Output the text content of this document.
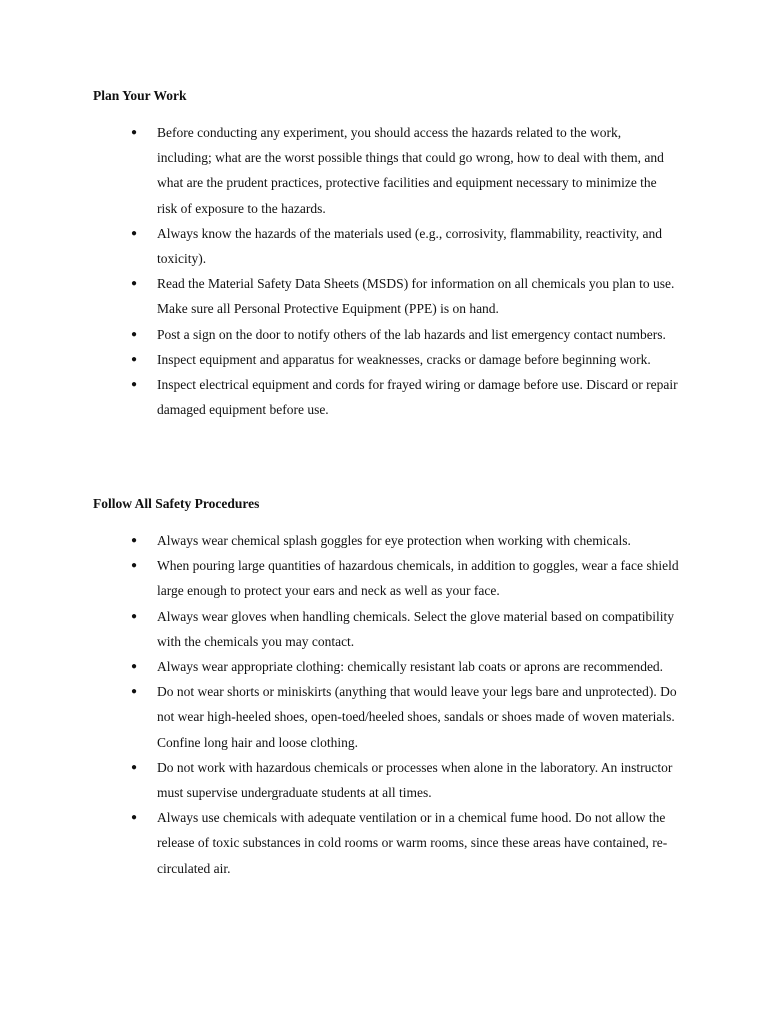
Plan Your Work
● Before conducting any experiment, you should access the hazards related to the work, including; what are the worst possible things that could go wrong, how to deal with them, and what are the prudent practices, protective facilities and equipment necessary to minimize the risk of exposure to the hazards.
● Always know the hazards of the materials used (e.g., corrosivity, flammability, reactivity, and toxicity).
● Read the Material Safety Data Sheets (MSDS) for information on all chemicals you plan to use. Make sure all Personal Protective Equipment (PPE) is on hand.
● Post a sign on the door to notify others of the lab hazards and list emergency contact numbers.
● Inspect equipment and apparatus for weaknesses, cracks or damage before beginning work.
● Inspect electrical equipment and cords for frayed wiring or damage before use. Discard or repair damaged equipment before use.
Follow All Safety Procedures
● Always wear chemical splash goggles for eye protection when working with chemicals.
● When pouring large quantities of hazardous chemicals, in addition to goggles, wear a face shield large enough to protect your ears and neck as well as your face.
● Always wear gloves when handling chemicals. Select the glove material based on compatibility with the chemicals you may contact.
● Always wear appropriate clothing: chemically resistant lab coats or aprons are recommended.
● Do not wear shorts or miniskirts (anything that would leave your legs bare and unprotected). Do not wear high-heeled shoes, open-toed/heeled shoes, sandals or shoes made of woven materials. Confine long hair and loose clothing.
● Do not work with hazardous chemicals or processes when alone in the laboratory. An instructor must supervise undergraduate students at all times.
● Always use chemicals with adequate ventilation or in a chemical fume hood. Do not allow the release of toxic substances in cold rooms or warm rooms, since these areas have contained, re-circulated air.
